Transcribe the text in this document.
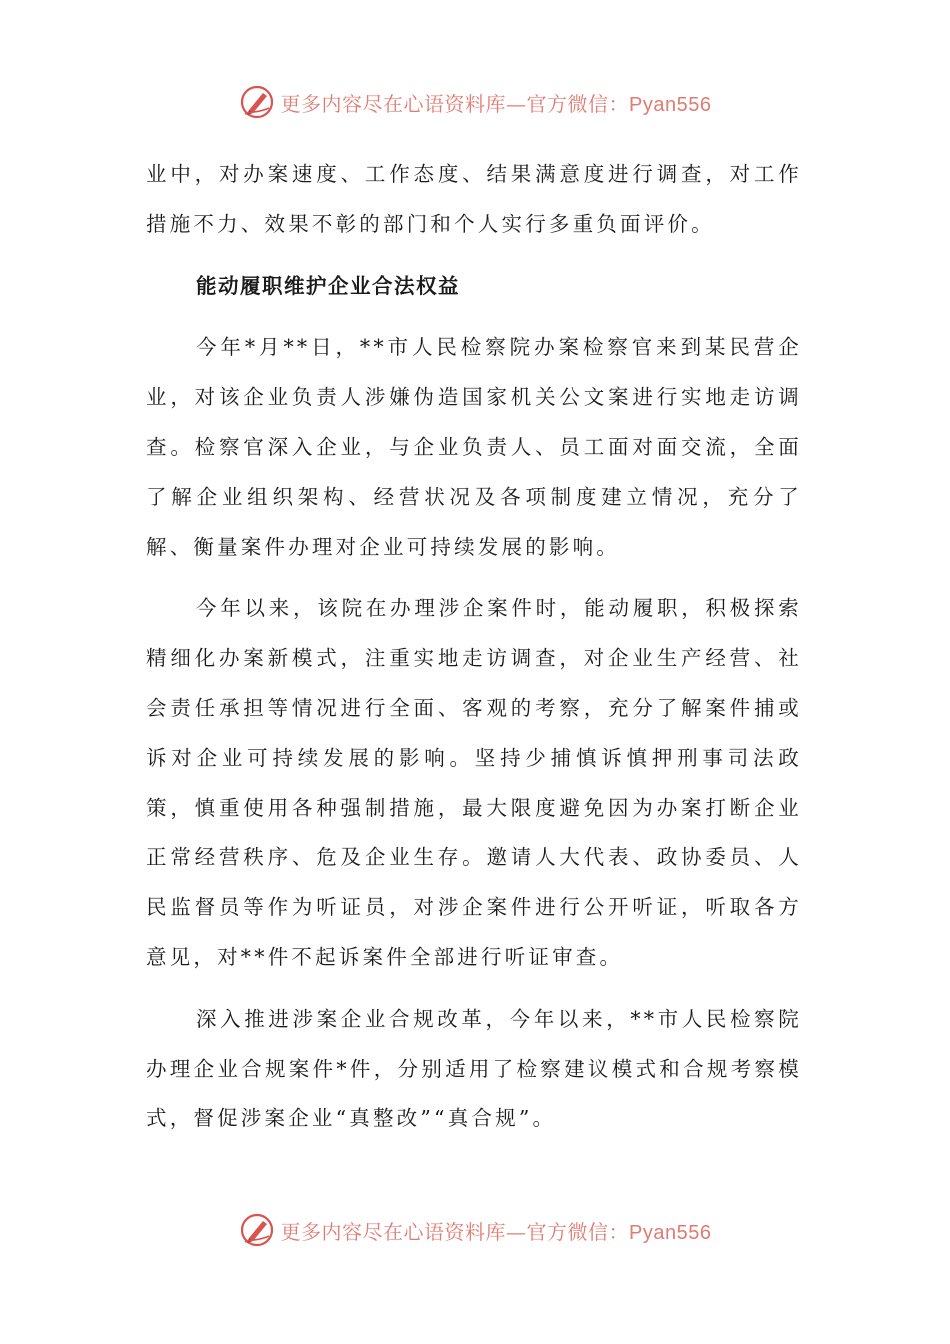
更多内容尽在心语资料库—官方微信：Pyan556

业中，对办案速度、工作态度、结果满意度进行调查，对工作措施不力、效果不彰的部门和个人实行多重负面评价。

能动履职维护企业合法权益

今年*月**日，**市人民检察院办案检察官来到某民营企业，对该企业负责人涉嫌伪造国家机关公文案进行实地走访调查。检察官深入企业，与企业负责人、员工面对面交流，全面了解企业组织架构、经营状况及各项制度建立情况，充分了解、衡量案件办理对企业可持续发展的影响。

今年以来，该院在办理涉企案件时，能动履职，积极探索精细化办案新模式，注重实地走访调查，对企业生产经营、社会责任承担等情况进行全面、客观的考察，充分了解案件捕或诉对企业可持续发展的影响。坚持少捕慎诉慎押刑事司法政策，慎重使用各种强制措施，最大限度避免因为办案打断企业正常经营秩序、危及企业生存。邀请人大代表、政协委员、人民监督员等作为听证员，对涉企案件进行公开听证，听取各方意见，对**件不起诉案件全部进行听证审查。

深入推进涉案企业合规改革，今年以来，**市人民检察院办理企业合规案件*件，分别适用了检察建议模式和合规考察模式，督促涉案企业“真整改”“真合规”。

更多内容尽在心语资料库—官方微信：Pyan556
